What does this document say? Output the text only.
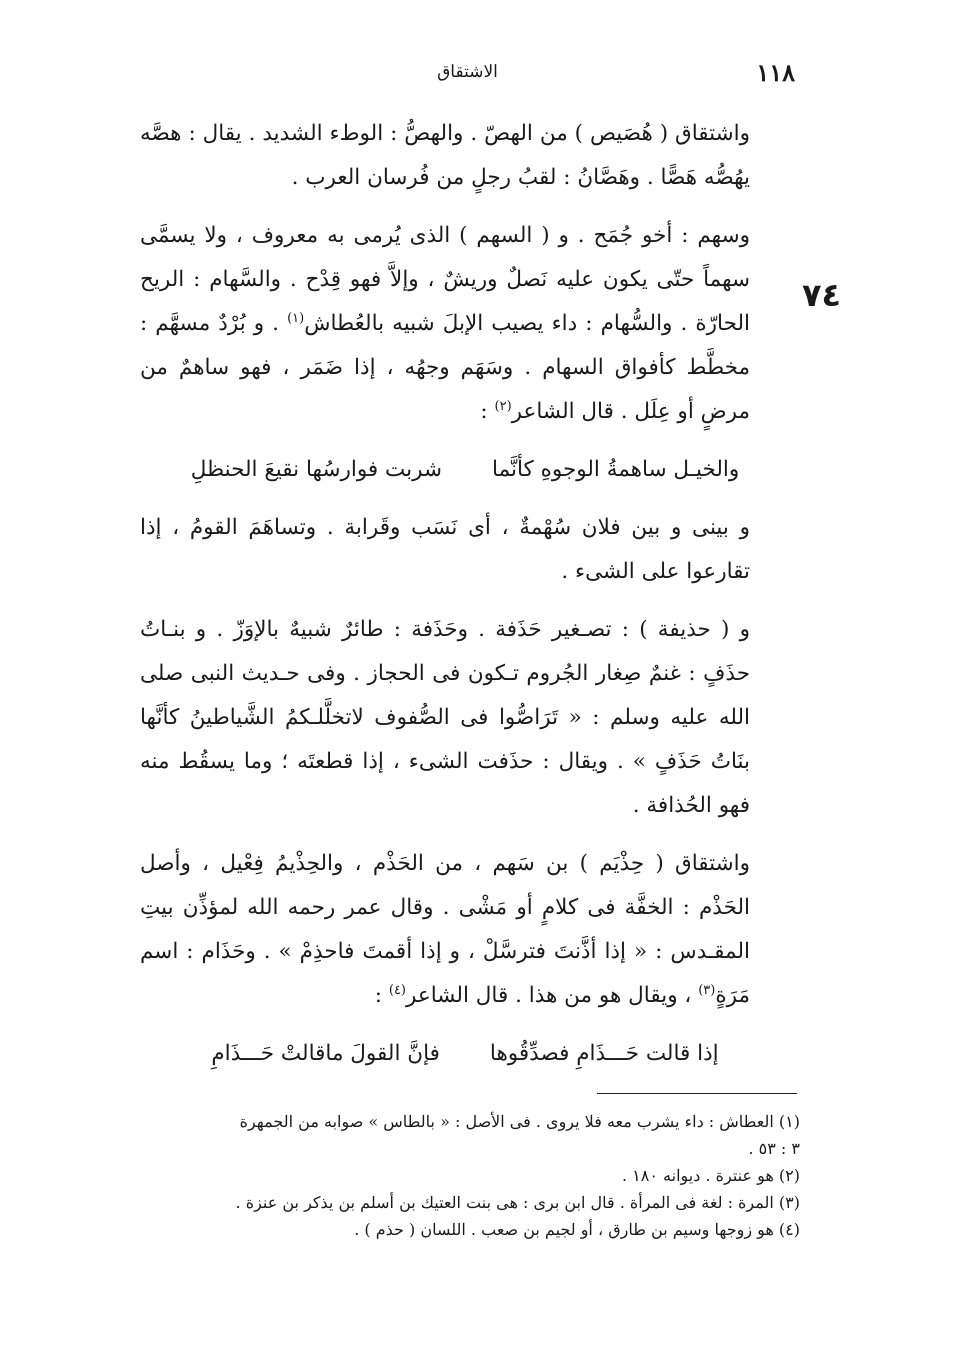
١١٨
الاشتقاق
٧٤

واشتقاق ( هُصَيص ) من الهصّ . والهصُّ : الوطء الشديد . يقال : هصَّه يهُصُّه هَصًّا . وهَصَّانُ : لقبُ رجلٍ من فُرسان العرب .

وسهم : أخو جُمَح . و ( السهم ) الذى يُرمى به معروف ، ولا يسمَّى سهماً حتّى يكون عليه نَصلٌ وريشٌ ، وإلاَّ فهو قِدْح . والسَّهام : الريح الحارّة . والسُّهام : داء يصيب الإبلَ شبيه بالعُطاش$^{(١)}$ . و بُرْدٌ مسهَّم : مخطَّط كأفواق السهام . وسَهَم وجهُه ، إذا ضَمَر ، فهو ساهمٌ من مرضٍ أو عِلَل . قال الشاعر$^{(٢)}$ :

والخيـل ساهمةُ الوجوهِ كأنَّما
شربت فوارسُها نقيعَ الحنظلِ

و بينى و بين فلان سُهْمةٌ ، أى نَسَب وقَرابة . وتساهَمَ القومُ ، إذا تقارعوا على الشىء .

و ( حذيفة ) : تصـغير حَذَفة . وحَذَفة : طائرٌ شبيهٌ بالإوَزّ . و بنـاتُ حذَفٍ : غنمٌ صِغار الجُروم تـكون فى الحجاز . وفى حـديث النبى صلى الله عليه وسلم : « تَرَاصُّوا فى الصُّفوف لاتخلَّلـكمُ الشَّياطينُ كأنَّها بنَاتُ حَذَفٍ » . ويقال : حذَفت الشىء ، إذا قطعتَه ؛ وما يسقُط منه فهو الحُذافة .

واشتقاق ( حِذْيَم ) بن سَهم ، من الحَذْم ، والحِذْيمُ فِعْيل ، وأصل الحَذْم : الخفَّة فى كلامٍ أو مَشْى . وقال عمر رحمه الله لمؤذِّن بيتِ المقـدس : « إذا أذَّنتَ فترسَّلْ ، و إذا أقمتَ فاحذِمْ » . وحَذَام : اسم مَرَةٍ$^{(٣)}$ ، ويقال هو من هذا . قال الشاعر$^{(٤)}$ :

إذا قالت حَـــذَامِ فصدِّقُوها
فإنَّ القولَ ماقالتْ حَـــذَامِ

(١) العطاش : داء يشرب معه فلا يروى . فى الأصل : « بالطاس » صوابه من الجمهرة

٣ : ٥٣ .

(٢) هو عنترة . ديوانه ١٨٠ .

(٣) المرة : لغة فى المرأة . قال ابن برى : هى بنت العتيك بن أسلم بن يذكر بن عنزة .

(٤) هو زوجها وسيم بن طارق ، أو لجيم بن صعب . اللسان ( حذم ) .
